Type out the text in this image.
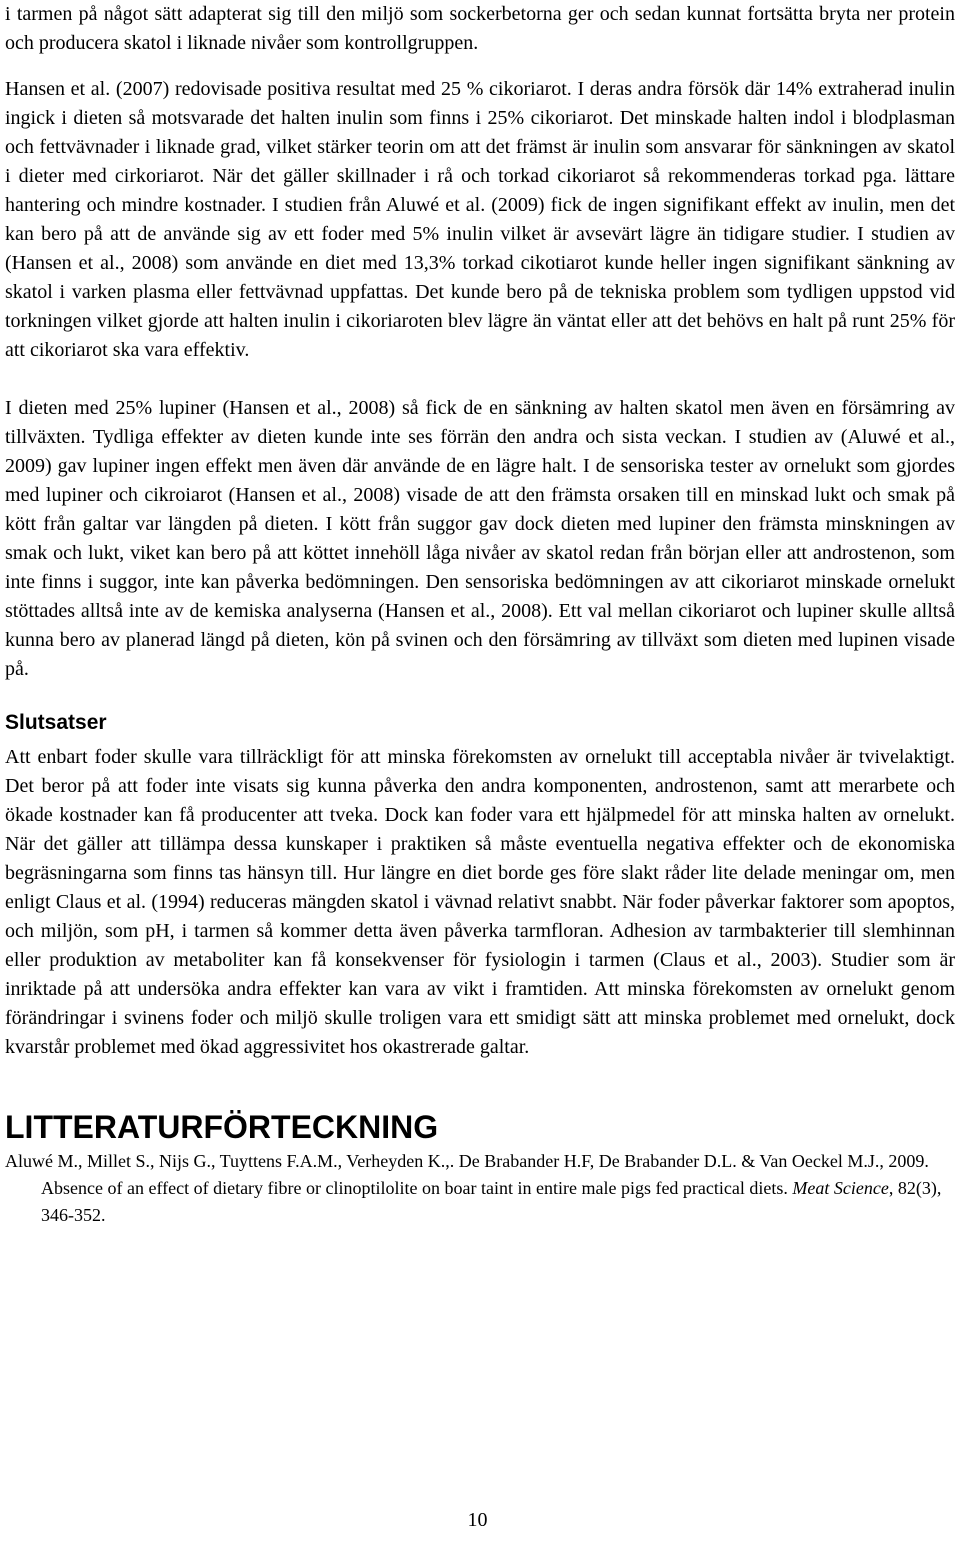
i tarmen på något sätt adapterat sig till den miljö som sockerbetorna ger och sedan kunnat fortsätta bryta ner protein och producera skatol i liknade nivåer som kontrollgruppen.

Hansen et al. (2007) redovisade positiva resultat med 25 % cikoriarot. I deras andra försök där 14% extraherad inulin ingick i dieten så motsvarade det halten inulin som finns i 25% cikoriarot. Det minskade halten indol i blodplasman och fettvävnader i liknade grad, vilket stärker teorin om att det främst är inulin som ansvarar för sänkningen av skatol i dieter med cirkoriarot. När det gäller skillnader i rå och torkad cikoriarot så rekommenderas torkad pga. lättare hantering och mindre kostnader. I studien från Aluwé et al. (2009) fick de ingen signifikant effekt av inulin, men det kan bero på att de använde sig av ett foder med 5% inulin vilket är avsevärt lägre än tidigare studier. I studien av (Hansen et al., 2008) som använde en diet med 13,3% torkad cikotiarot kunde heller ingen signifikant sänkning av skatol i varken plasma eller fettvävnad uppfattas. Det kunde bero på de tekniska problem som tydligen uppstod vid torkningen vilket gjorde att halten inulin i cikoriaroten blev lägre än väntat eller att det behövs en halt på runt 25% för att cikoriarot ska vara effektiv.

I dieten med 25% lupiner (Hansen et al., 2008) så fick de en sänkning av halten skatol men även en försämring av tillväxten. Tydliga effekter av dieten kunde inte ses förrän den andra och sista veckan. I studien av (Aluwé et al., 2009) gav lupiner ingen effekt men även där använde de en lägre halt. I de sensoriska tester av ornelukt som gjordes med lupiner och cikroiarot (Hansen et al., 2008) visade de att den främsta orsaken till en minskad lukt och smak på kött från galtar var längden på dieten. I kött från suggor gav dock dieten med lupiner den främsta minskningen av smak och lukt, viket kan bero på att köttet innehöll låga nivåer av skatol redan från början eller att androstenon, som inte finns i suggor, inte kan påverka bedömningen. Den sensoriska bedömningen av att cikoriarot minskade ornelukt stöttades alltså inte av de kemiska analyserna (Hansen et al., 2008). Ett val mellan cikoriarot och lupiner skulle alltså kunna bero av planerad längd på dieten, kön på svinen och den försämring av tillväxt som dieten med lupinen visade på.

Slutsatser

Att enbart foder skulle vara tillräckligt för att minska förekomsten av ornelukt till acceptabla nivåer är tvivelaktigt. Det beror på att foder inte visats sig kunna påverka den andra komponenten, androstenon, samt att merarbete och ökade kostnader kan få producenter att tveka. Dock kan foder vara ett hjälpmedel för att minska halten av ornelukt. När det gäller att tillämpa dessa kunskaper i praktiken så måste eventuella negativa effekter och de ekonomiska begräsningarna som finns tas hänsyn till. Hur längre en diet borde ges före slakt råder lite delade meningar om, men enligt Claus et al. (1994) reduceras mängden skatol i vävnad relativt snabbt. När foder påverkar faktorer som apoptos, och miljön, som pH, i tarmen så kommer detta även påverka tarmfloran. Adhesion av tarmbakterier till slemhinnan eller produktion av metaboliter kan få konsekvenser för fysiologin i tarmen (Claus et al., 2003). Studier som är inriktade på att undersöka andra effekter kan vara av vikt i framtiden. Att minska förekomsten av ornelukt genom förändringar i svinens foder och miljö skulle troligen vara ett smidigt sätt att minska problemet med ornelukt, dock kvarstår problemet med ökad aggressivitet hos okastrerade galtar.

LITTERATURFÖRTECKNING
Aluwé M., Millet S., Nijs G., Tuyttens F.A.M., Verheyden K.,. De Brabander H.F, De Brabander D.L. & Van Oeckel M.J., 2009. Absence of an effect of dietary fibre or clinoptilolite on boar taint in entire male pigs fed practical diets. Meat Science, 82(3), 346-352.
10
